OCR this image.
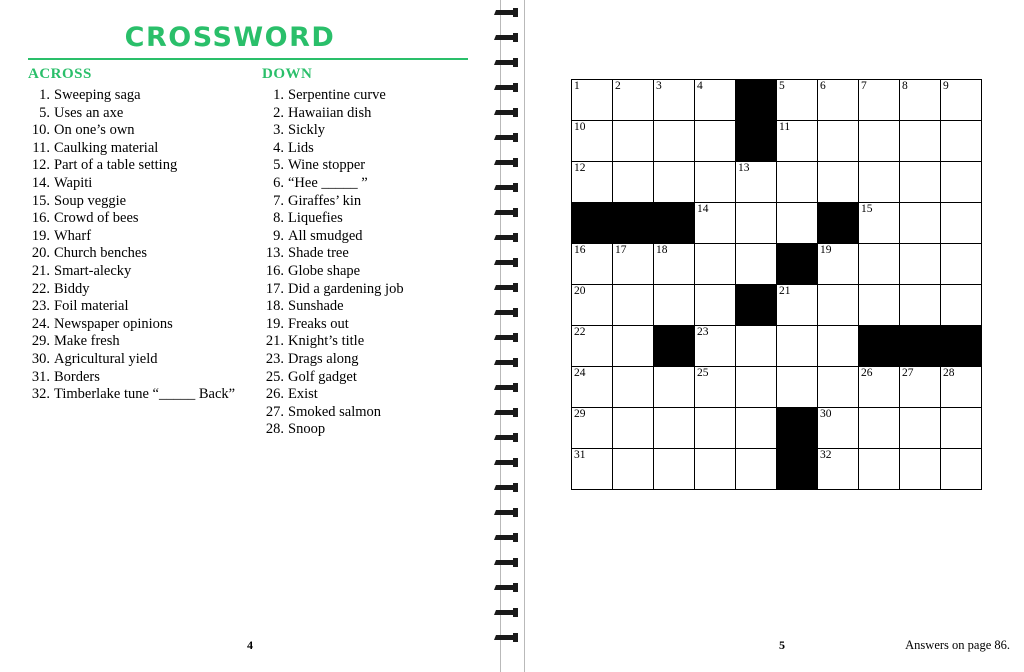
CROSSWORD
ACROSS
1. Sweeping saga
5. Uses an axe
10. On one’s own
11. Caulking material
12. Part of a table setting
14. Wapiti
15. Soup veggie
16. Crowd of bees
19. Wharf
20. Church benches
21. Smart-alecky
22. Biddy
23. Foil material
24. Newspaper opinions
29. Make fresh
30. Agricultural yield
31. Borders
32. Timberlake tune “_____ Back”
DOWN
1. Serpentine curve
2. Hawaiian dish
3. Sickly
4. Lids
5. Wine stopper
6. “Hee _____ ”
7. Giraffes’ kin
8. Liquefies
9. All smudged
13. Shade tree
16. Globe shape
17. Did a gardening job
18. Sunshade
19. Freaks out
21. Knight’s title
23. Drags along
25. Golf gadget
26. Exist
27. Smoked salmon
28. Snoop
4
1	2	3	4		5	6	7	8	9

10					11				

12				13					

			14				15		

16	17	18				19			

20					21				

22			23						

24			25				26	27	28

29						30			

31						32			

5	Answers on page 86.
